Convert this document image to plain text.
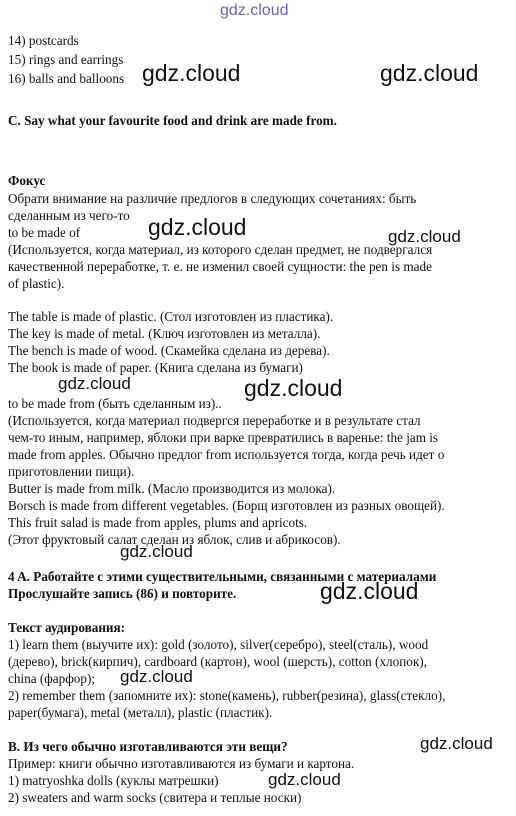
gdz.cloud
gdz.cloud	gdz.cloud
gdz.cloud	gdz.cloud
gdz.cloud	gdz.cloud
gdz.cloud
gdz.cloud
gdz.cloud
gdz.cloud
gdz.cloud
14) postcards
15) rings and earrings
16) balls and balloons
C. Say what your favourite food and drink are made from.
Фокус
Обрати внимание на различие предлогов в следующих сочетаниях: быть
сделанным из чего-то
to be made of
(Используется, когда материал, из которого сделан предмет, не подвергался
качественной переработке, т. е. не изменил своей сущности: the pen is made
of plastic).
The table is made of plastic. (Стол изготовлен из пластика).
The key is made of metal. (Ключ изготовлен из металла).
The bench is made of wood. (Скамейка сделана из дерева).
The book is made of paper. (Книга сделана из бумаги)
to be made from (быть сделанным из)..
(Используется, когда материал подвергся переработке и в результате стал
чем-то иным, например, яблоки при варке превратились в варенье: the jam is
made from apples. Обычно предлог from используется тогда, когда речь идет о
приготовлении пищи).
Butter is made from milk. (Масло производится из молока).
Borsch is made from different vegetables. (Борщ изготовлен из разных овощей).
This fruit salad is made from apples, plums and apricots.
(Этот фруктовый салат сделан из яблок, слив и абрикосов).
4 A. Работайте с этими существительными, связанными с материалами
Прослушайте запись (86) и повторите.
Текст аудирования:
1) learn them (выучите их): gold (золото), silver(серебро), steel(сталь), wood
(дерево), brick(кирпич), cardboard (картон), wool (шерсть), cotton (хлопок),
china (фарфор);
2) remember them (запомните их): stone(камень), rubber(резина), glass(стекло),
paper(бумага), metal (металл), plastic (пластик).
B. Из чего обычно изготавливаются эти вещи?
Пример: книги обычно изготавливаются из бумаги и картона.
1) matryoshka dolls (куклы матрешки)
2) sweaters and warm socks (свитера и теплые носки)
